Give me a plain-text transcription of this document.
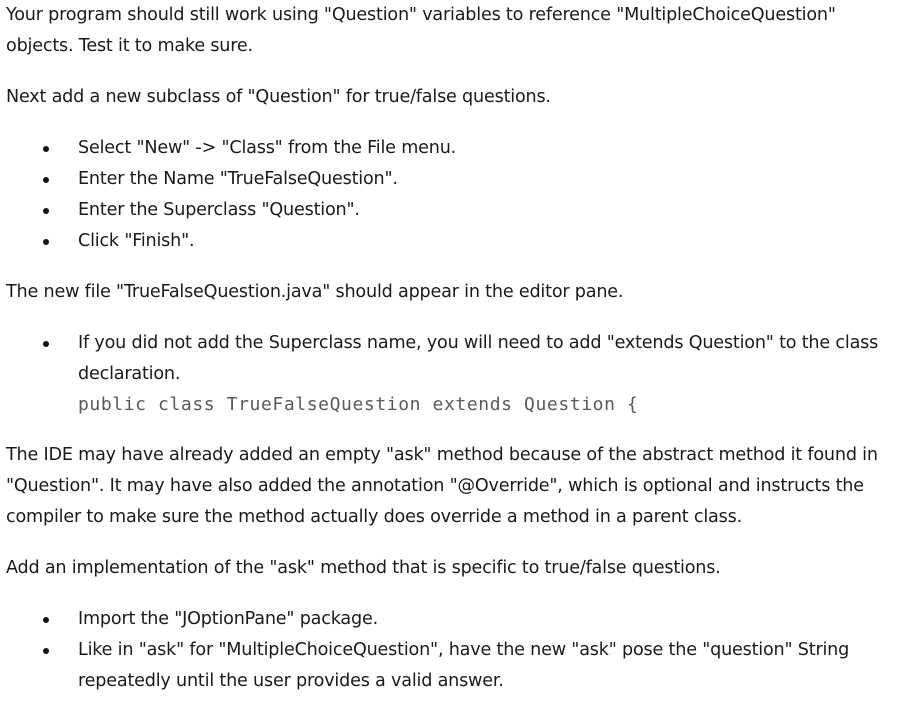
Your program should still work using "Question" variables to reference "MultipleChoiceQuestion" objects. Test it to make sure.

Next add a new subclass of "Question" for true/false questions.

Select "New" -> "Class" from the File menu.
Enter the Name "TrueFalseQuestion".
Enter the Superclass "Question".
Click "Finish".

The new file "TrueFalseQuestion.java" should appear in the editor pane.

If you did not add the Superclass name, you will need to add "extends Question" to the class declaration.
public class TrueFalseQuestion extends Question {

The IDE may have already added an empty "ask" method because of the abstract method it found in "Question". It may have also added the annotation "@Override", which is optional and instructs the compiler to make sure the method actually does override a method in a parent class.

Add an implementation of the "ask" method that is specific to true/false questions.

Import the "JOptionPane" package.
Like in "ask" for "MultipleChoiceQuestion", have the new "ask" pose the "question" String repeatedly until the user provides a valid answer.
